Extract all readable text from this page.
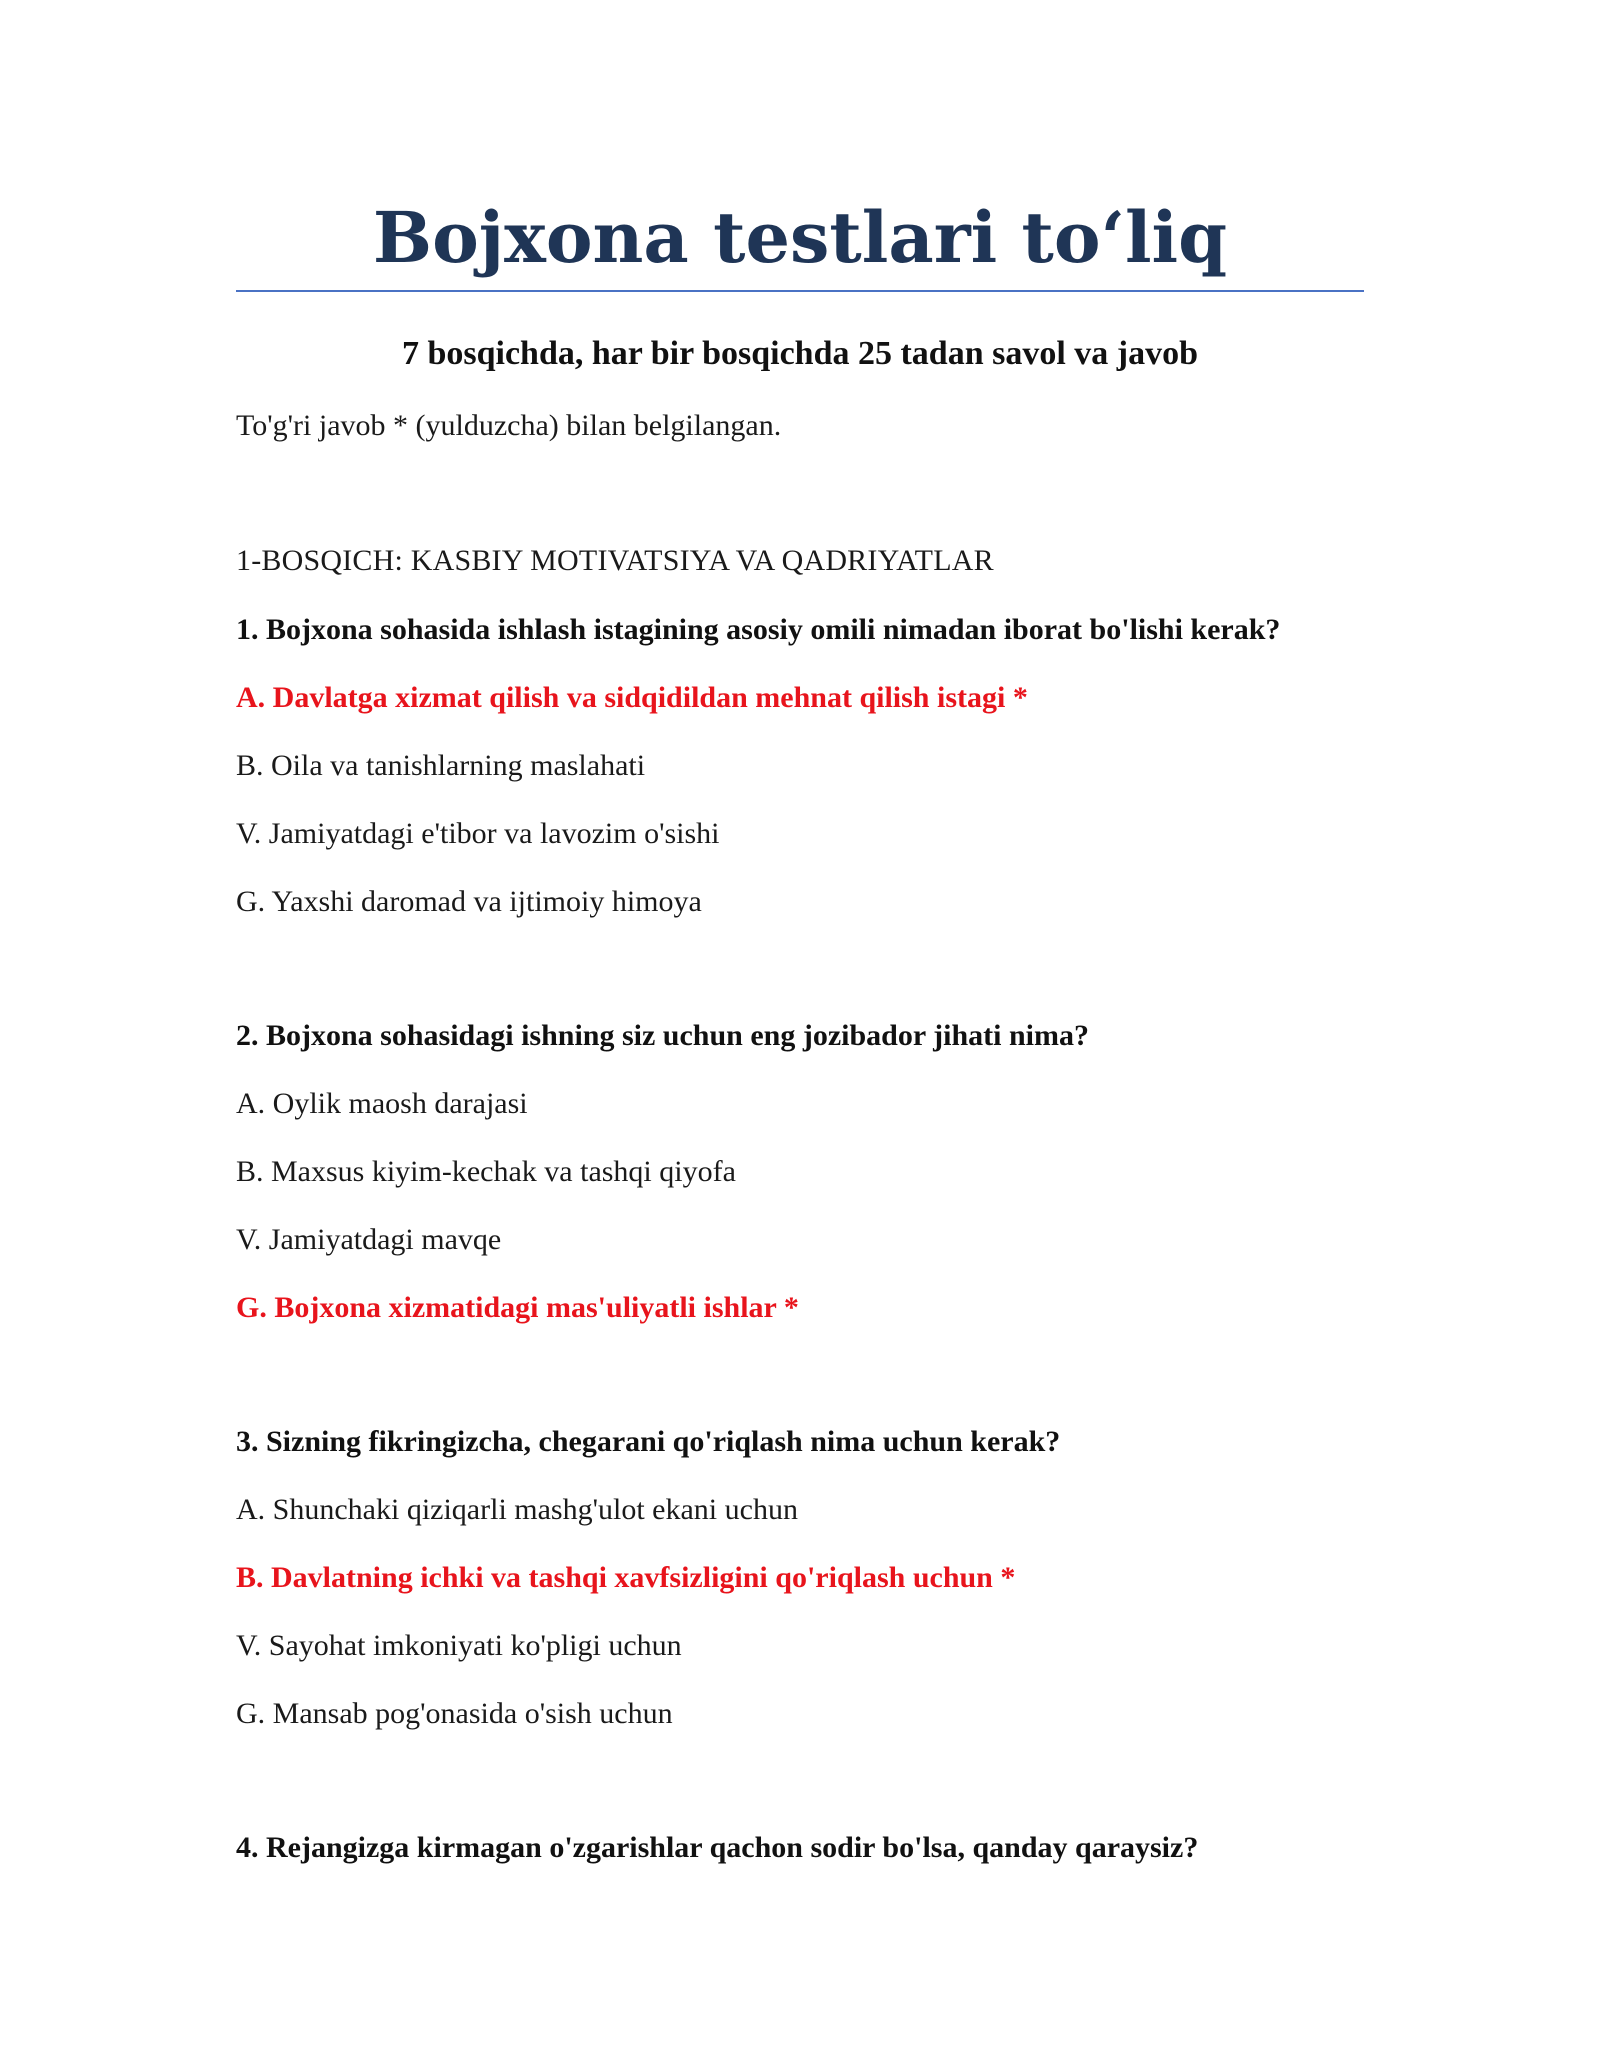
Bojxona testlari to‘liq
7 bosqichda, har bir bosqichda 25 tadan savol va javob

To'g'ri javob * (yulduzcha) bilan belgilangan.

1-BOSQICH: KASBIY MOTIVATSIYA VA QADRIYATLAR

1. Bojxona sohasida ishlash istagining asosiy omili nimadan iborat bo'lishi kerak?

A. Davlatga xizmat qilish va sidqidildan mehnat qilish istagi *

B. Oila va tanishlarning maslahati

V. Jamiyatdagi e'tibor va lavozim o'sishi

G. Yaxshi daromad va ijtimoiy himoya

2. Bojxona sohasidagi ishning siz uchun eng jozibador jihati nima?

A. Oylik maosh darajasi

B. Maxsus kiyim-kechak va tashqi qiyofa

V. Jamiyatdagi mavqe

G. Bojxona xizmatidagi mas'uliyatli ishlar *

3. Sizning fikringizcha, chegarani qo'riqlash nima uchun kerak?

A. Shunchaki qiziqarli mashg'ulot ekani uchun

B. Davlatning ichki va tashqi xavfsizligini qo'riqlash uchun *

V. Sayohat imkoniyati ko'pligi uchun

G. Mansab pog'onasida o'sish uchun

4. Rejangizga kirmagan o'zgarishlar qachon sodir bo'lsa, qanday qaraysiz?
